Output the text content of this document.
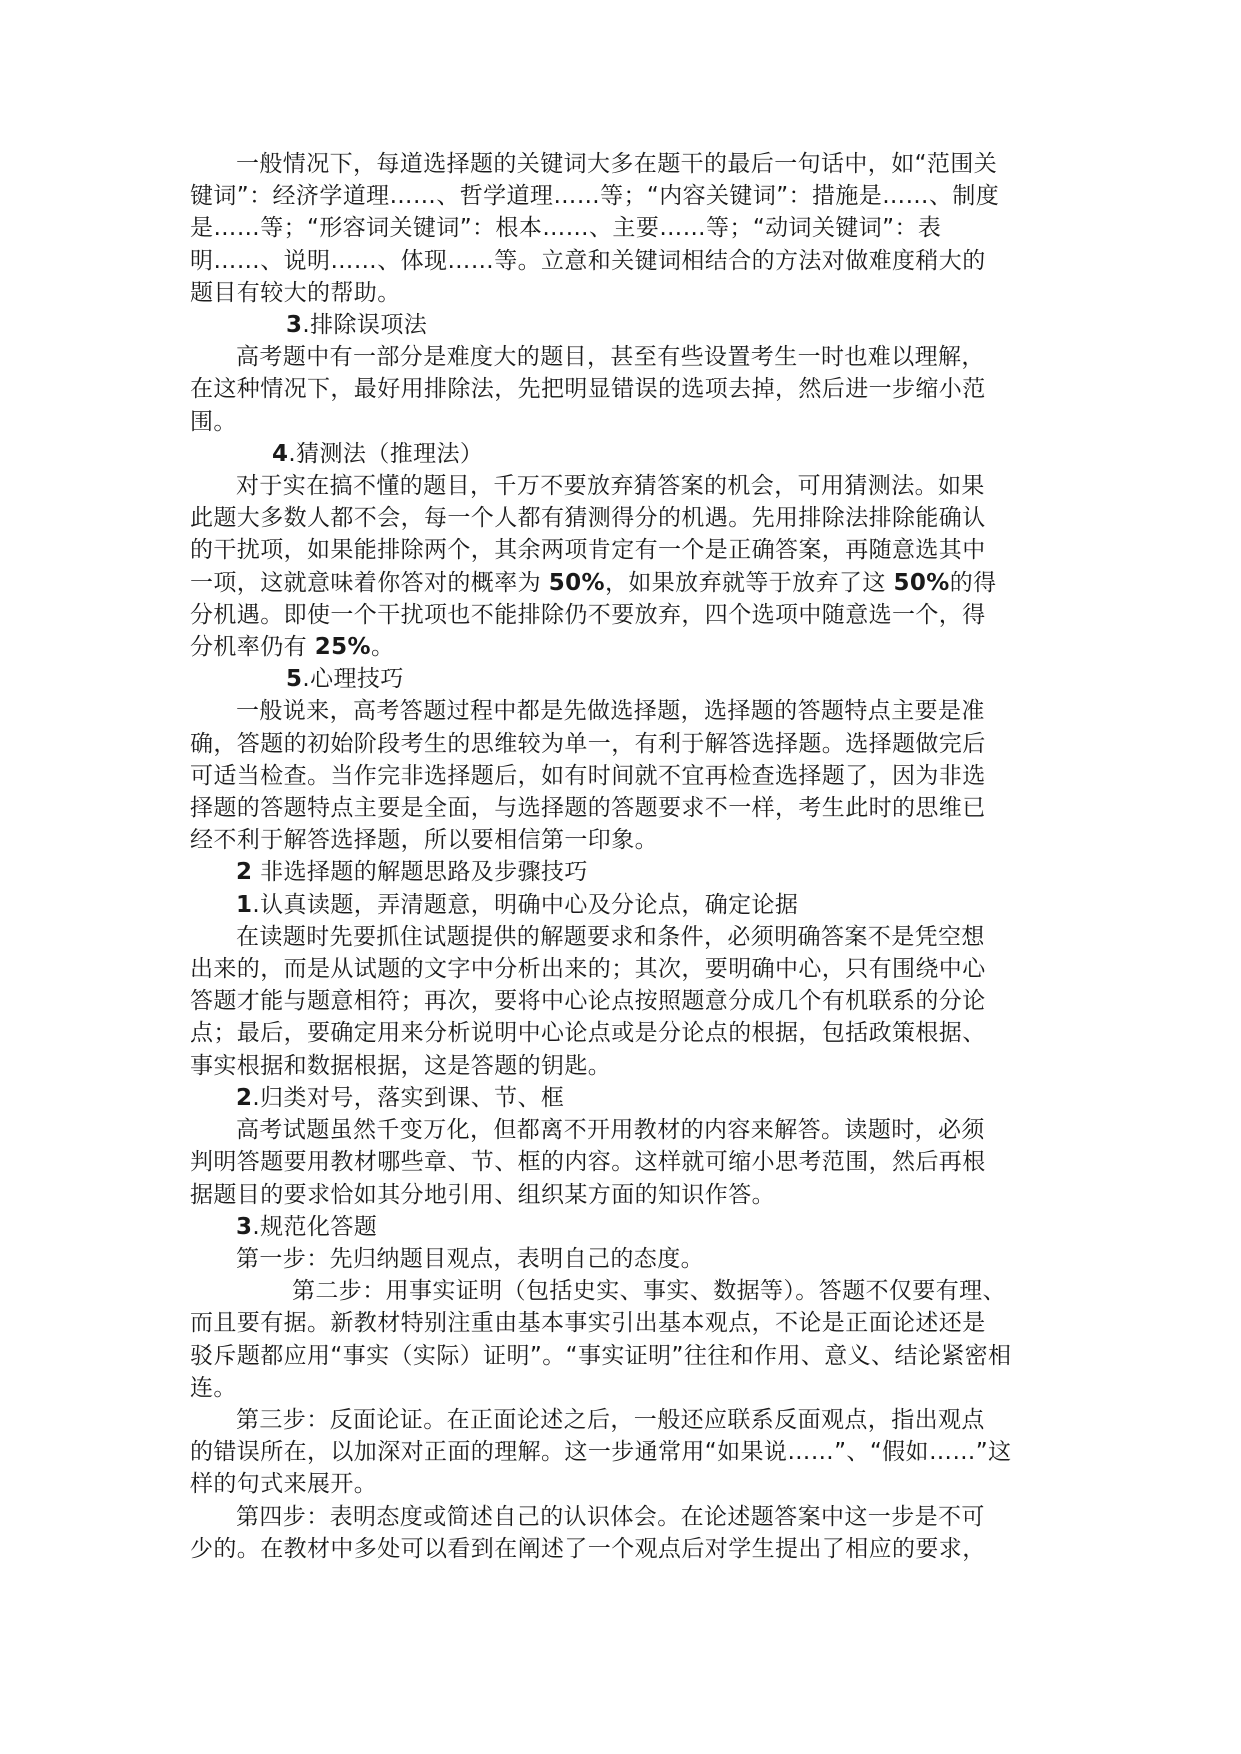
一般情况下，每道选择题的关键词大多在题干的最后一句话中，如“范围关
键词”：经济学道理……、哲学道理……等；“内容关键词”：措施是……、制度
是……等；“形容词关键词”：根本……、主要……等；“动词关键词”：表
明……、说明……、体现……等。立意和关键词相结合的方法对做难度稍大的
题目有较大的帮助。
3.排除误项法
高考题中有一部分是难度大的题目，甚至有些设置考生一时也难以理解，
在这种情况下，最好用排除法，先把明显错误的选项去掉，然后进一步缩小范
围。
4.猜测法（推理法）
对于实在搞不懂的题目，千万不要放弃猜答案的机会，可用猜测法。如果
此题大多数人都不会，每一个人都有猜测得分的机遇。先用排除法排除能确认
的干扰项，如果能排除两个，其余两项肯定有一个是正确答案，再随意选其中
一项，这就意味着你答对的概率为 50%，如果放弃就等于放弃了这 50%的得
分机遇。即使一个干扰项也不能排除仍不要放弃，四个选项中随意选一个，得
分机率仍有 25%。
5.心理技巧
一般说来，高考答题过程中都是先做选择题，选择题的答题特点主要是准
确，答题的初始阶段考生的思维较为单一，有利于解答选择题。选择题做完后
可适当检查。当作完非选择题后，如有时间就不宜再检查选择题了，因为非选
择题的答题特点主要是全面，与选择题的答题要求不一样，考生此时的思维已
经不利于解答选择题，所以要相信第一印象。
2 非选择题的解题思路及步骤技巧
1.认真读题，弄清题意，明确中心及分论点，确定论据
在读题时先要抓住试题提供的解题要求和条件，必须明确答案不是凭空想
出来的，而是从试题的文字中分析出来的；其次，要明确中心，只有围绕中心
答题才能与题意相符；再次，要将中心论点按照题意分成几个有机联系的分论
点；最后，要确定用来分析说明中心论点或是分论点的根据，包括政策根据、
事实根据和数据根据，这是答题的钥匙。
2.归类对号，落实到课、节、框
高考试题虽然千变万化，但都离不开用教材的内容来解答。读题时，必须
判明答题要用教材哪些章、节、框的内容。这样就可缩小思考范围，然后再根
据题目的要求恰如其分地引用、组织某方面的知识作答。
3.规范化答题
第一步：先归纳题目观点，表明自己的态度。
第二步：用事实证明（包括史实、事实、数据等）。答题不仅要有理、
而且要有据。新教材特别注重由基本事实引出基本观点，不论是正面论述还是
驳斥题都应用“事实（实际）证明”。“事实证明”往往和作用、意义、结论紧密相
连。
第三步：反面论证。在正面论述之后，一般还应联系反面观点，指出观点
的错误所在，以加深对正面的理解。这一步通常用“如果说……”、“假如……”这
样的句式来展开。
第四步：表明态度或简述自己的认识体会。在论述题答案中这一步是不可
少的。在教材中多处可以看到在阐述了一个观点后对学生提出了相应的要求，
